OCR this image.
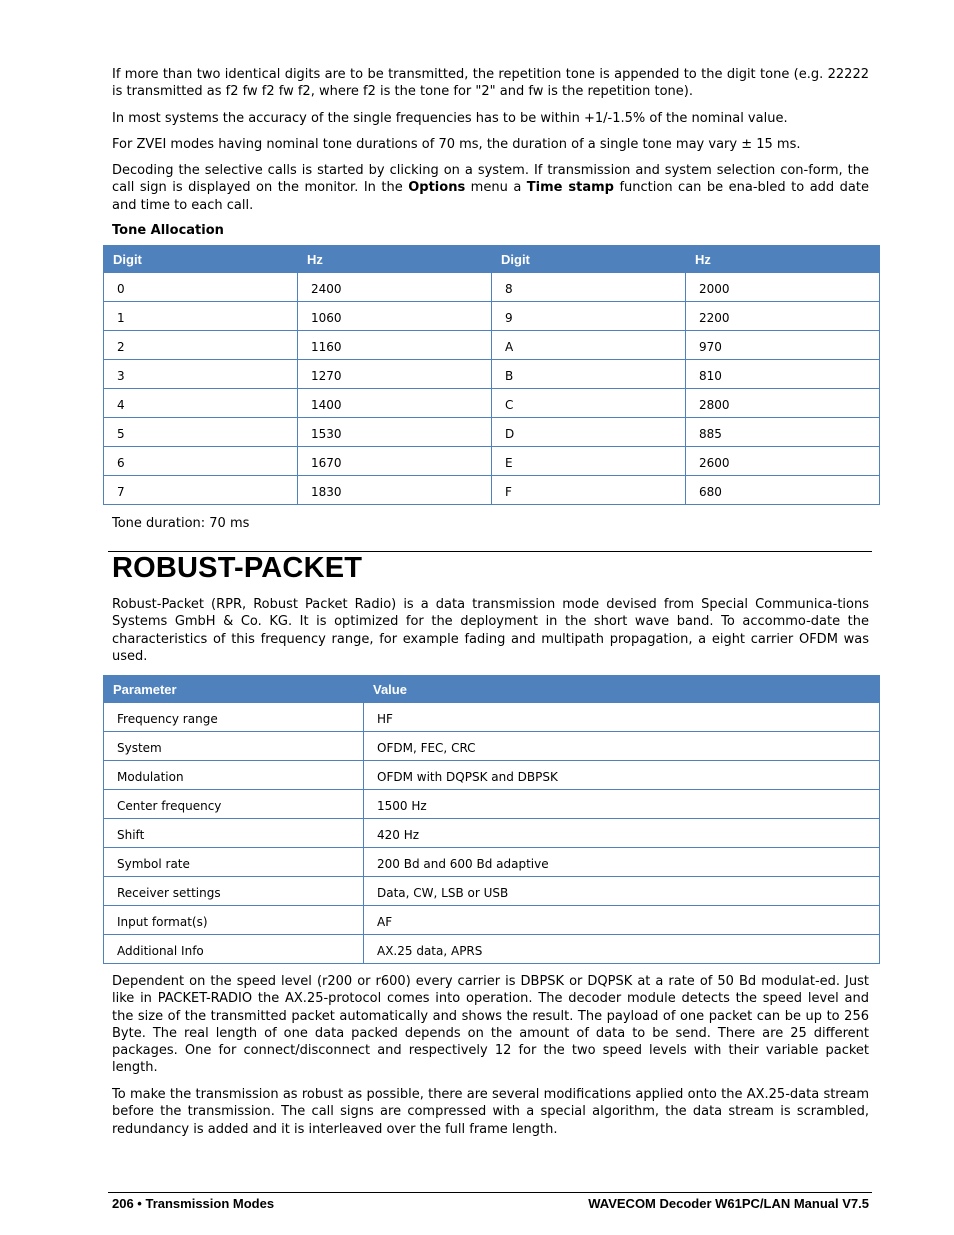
If more than two identical digits are to be transmitted, the repetition tone is appended to the digit tone (e.g. 22222 is transmitted as f2 fw f2 fw f2, where f2 is the tone for "2" and fw is the repetition tone).

In most systems the accuracy of the single frequencies has to be within +1/-1.5% of the nominal value.

For ZVEI modes having nominal tone durations of 70 ms, the duration of a single tone may vary ± 15 ms.

Decoding the selective calls is started by clicking on a system. If transmission and system selection con-form, the call sign is displayed on the monitor. In the Options menu a Time stamp function can be ena-bled to add date and time to each call.

Tone Allocation
Digit	Hz	Digit	Hz
0	2400	8	2000
1	1060	9	2200
2	1160	A	970
3	1270	B	810
4	1400	C	2800
5	1530	D	885
6	1670	E	2600
7	1830	F	680
Tone duration: 70 ms
ROBUST-PACKET

Robust-Packet (RPR, Robust Packet Radio) is a data transmission mode devised from Special Communica-tions Systems GmbH & Co. KG. It is optimized for the deployment in the short wave band. To accommo-date the characteristics of this frequency range, for example fading and multipath propagation, a eight carrier OFDM was used.

Parameter	Value
Frequency range	HF
System	OFDM, FEC, CRC
Modulation	OFDM with DQPSK and DBPSK
Center frequency	1500 Hz
Shift	420 Hz
Symbol rate	200 Bd and 600 Bd adaptive
Receiver settings	Data, CW, LSB or USB
Input format(s)	AF
Additional Info	AX.25 data, APRS

Dependent on the speed level (r200 or r600) every carrier is DBPSK or DQPSK at a rate of 50 Bd modulat-ed. Just like in PACKET-RADIO the AX.25-protocol comes into operation. The decoder module detects the speed level and the size of the transmitted packet automatically and shows the result. The payload of one packet can be up to 256 Byte. The real length of one data packed depends on the amount of data to be send. There are 25 different packages. One for connect/disconnect and respectively 12 for the two speed levels with their variable packet length.

To make the transmission as robust as possible, there are several modifications applied onto the AX.25-data stream before the transmission. The call signs are compressed with a special algorithm, the data stream is scrambled, redundancy is added and it is interleaved over the full frame length.

206 • Transmission Modes	WAVECOM Decoder W61PC/LAN Manual V7.5
